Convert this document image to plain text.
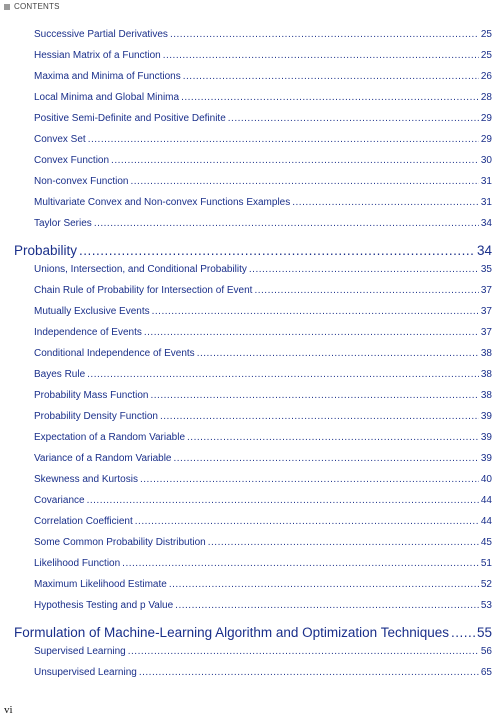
CONTENTS
Successive Partial Derivatives .....	25
Hessian Matrix of a Function .....	25
Maxima and Minima of Functions .....	26
Local Minima and Global Minima .....	28
Positive Semi-Definite and Positive Definite .....	29
Convex Set .....	29
Convex Function .....	30
Non-convex Function .....	31
Multivariate Convex and Non-convex Functions Examples .....	31
Taylor Series .....	34
Probability .....	34
Unions, Intersection, and Conditional Probability .....	35
Chain Rule of Probability for Intersection of Event .....	37
Mutually Exclusive Events .....	37
Independence of Events .....	37
Conditional Independence of Events .....	38
Bayes Rule .....	38
Probability Mass Function .....	38
Probability Density Function .....	39
Expectation of a Random Variable .....	39
Variance of a Random Variable .....	39
Skewness and Kurtosis .....	40
Covariance .....	44
Correlation Coefficient .....	44
Some Common Probability Distribution .....	45
Likelihood Function .....	51
Maximum Likelihood Estimate .....	52
Hypothesis Testing and p Value .....	53
Formulation of Machine-Learning Algorithm and Optimization Techniques ..... 55
Supervised Learning .....	56
Unsupervised Learning .....	65
vi
